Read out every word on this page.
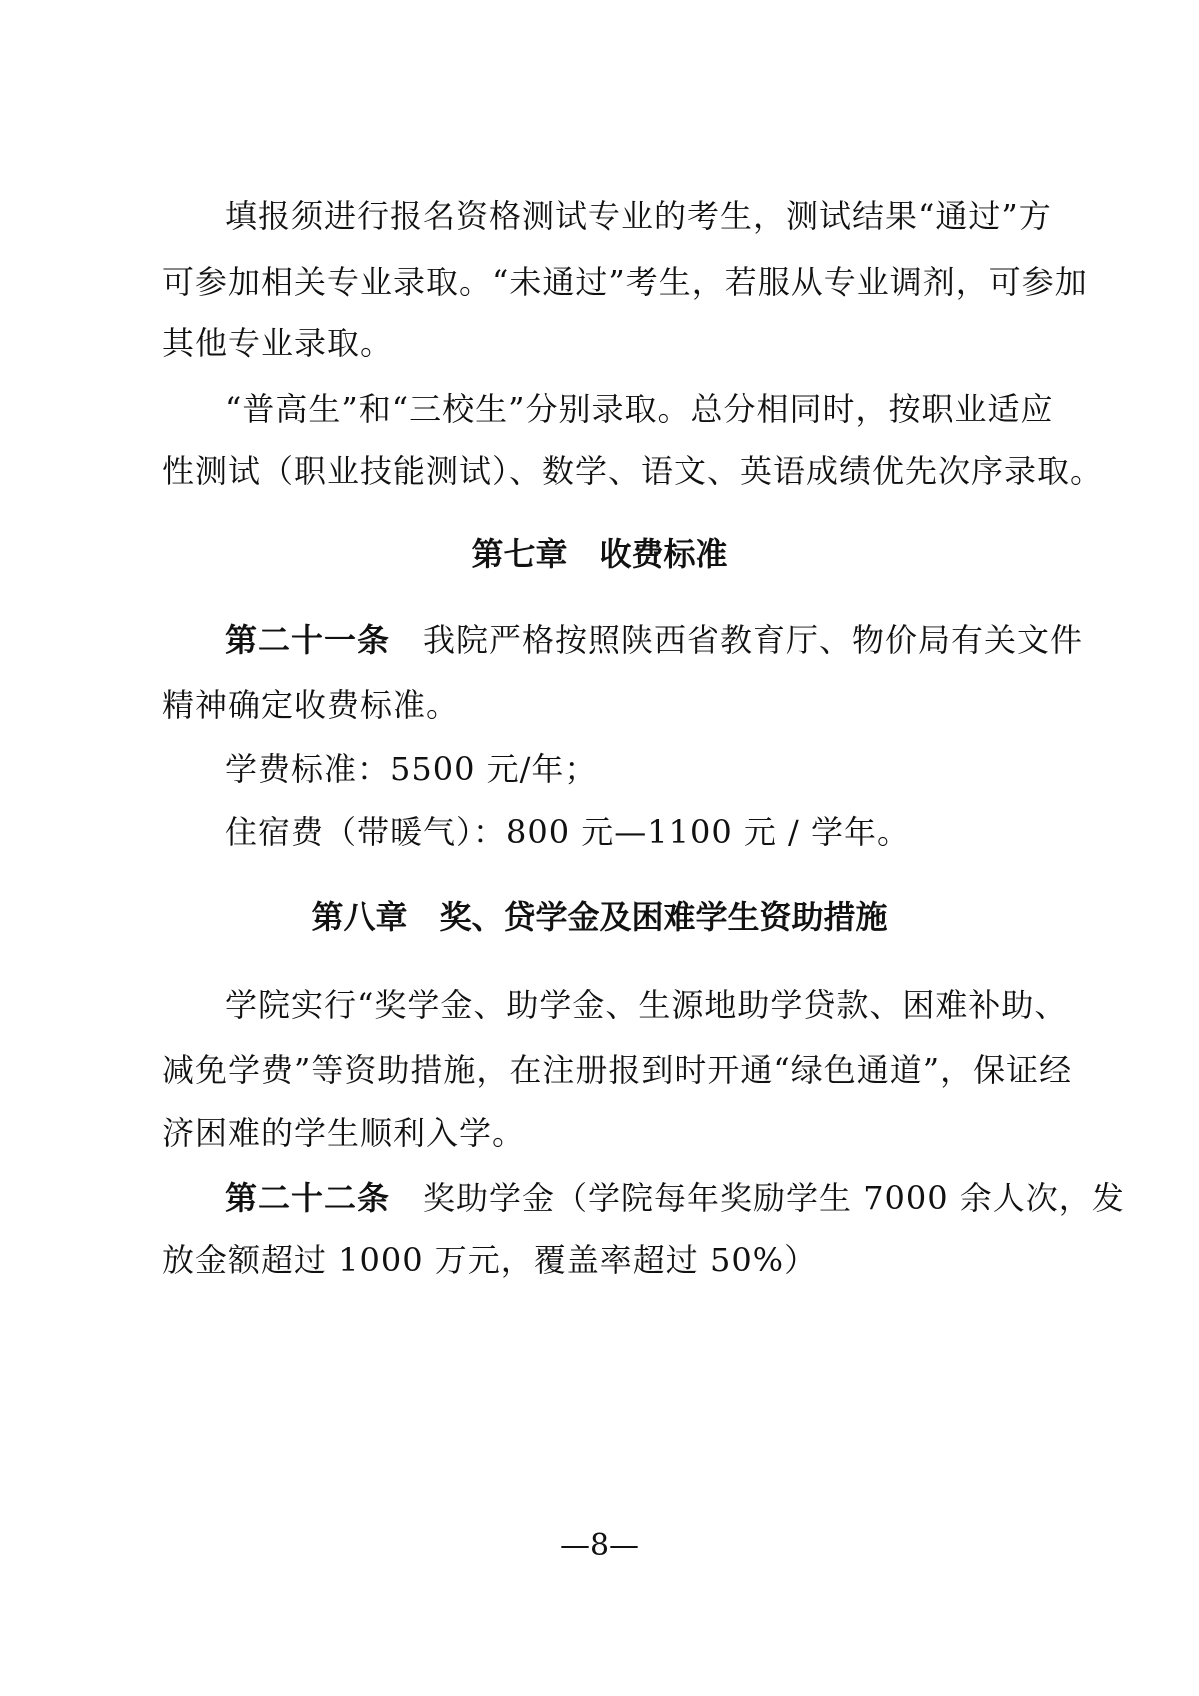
填报须进行报名资格测试专业的考生，测试结果“通过”方
可参加相关专业录取。“未通过”考生，若服从专业调剂，可参加
其他专业录取。
“普高生”和“三校生”分别录取。总分相同时，按职业适应
性测试（职业技能测试）、数学、语文、英语成绩优先次序录取。
第七章　收费标准
第二十一条　我院严格按照陕西省教育厅、物价局有关文件
精神确定收费标准。
学费标准：5500 元/年；
住宿费（带暖气）：800 元—1100 元 / 学年。
第八章　奖、贷学金及困难学生资助措施
学院实行“奖学金、助学金、生源地助学贷款、困难补助、
减免学费”等资助措施，在注册报到时开通“绿色通道”，保证经
济困难的学生顺利入学。
第二十二条　奖助学金（学院每年奖励学生 7000 余人次，发
放金额超过 1000 万元，覆盖率超过 50%）
—8—
